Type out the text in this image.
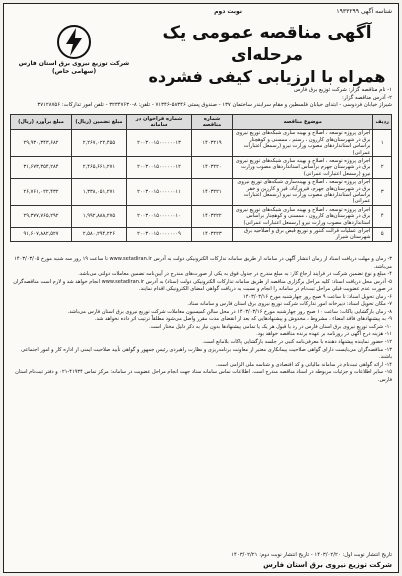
شناسه آگهی ۱۹۳۳۲۹۹
نوبت دوم
آگهی مناقصه عمومی یک مرحله‌ای
همراه با ارزیابی کیفی فشرده
شرکت توزیع نیروی برق استان فارس
(سهامی خاص)
۱- نام مناقصه گزار: شرکت توزیع برق فارس
۲- آدرس مناقصه گزار:
شیراز خیابان فردوسی - ابتدای خیابان فلسطین و مقام سرابندر ساختمان ۱۳۷ - صندوق پستی ۵۸۳۴۶-۷۱۳۴۶ - تلفن: ۸-۳۲۳۴۷۶۳۰ - تلفن امور تدارکات: ۳۷۱۲۸۷۵۶
ردیف	موضوع مناقصه	شماره مناقصه	شماره فراخوان در سامانه	مبلغ تضمین (ریال)	مبلغ برآورد (ریال)
۱	اجرای پروژه توسعه ، اصلاح و بهینه سازی شبکه‌های توزیع نیروی برق در شهرستان‌های کازرون ، رستم ، ممسنی و کوهچنار براساس استانداردهای مصوب وزارت نیرو (رسمعل اعتبارات عمرانی)	۱۴۰۳۲۱۹	۲۰۰۳۰۰۱۵۰۰۰۰۰۰۱۳	۲,۲۶۷,۰۲۲,۴۵۵	۲۹,۹۳۰,۳۴۳,۶۸۲
۲	اجرای پروژه توسعه ، اصلاح و بهینه سازی شبکه‌های توزیع نیروی برق در شهرستان جهرم براساس استانداردهای مصوب وزارت نیرو (رسمعل اعتبارات عمرانی)	۱۴۰۳۲۲۰	۲۰۰۳۰۰۱۵۰۰۰۰۰۰۱۲	۲,۴۶۵,۶۶۱,۲۷۱	۳۱,۶۷۳,۳۵۴,۲۸۴
۳	اجرای پروژه توسعه ، اصلاح و بهینه‌سازی شبکه‌های توزیع نیروی برق در شهرستان‌های جهرم، فیروزآباد، قیر و کارزین و خفر براساس استانداردهای مصوب وزارت نیرو (رسمعل اعتبارات عمرانی)	۱۴۰۳۲۲۱	۲۰۰۳۰۰۱۵۰۰۰۰۰۰۱۱	۱,۳۳۸,۰۵۱,۲۷۱	۲۶,۷۶۱,۰۲۲,۴۳۲
۴	اجرای پروژه توسعه ، اصلاح و بهینه سازی شبکه‌های توزیع نیروی برق در شهرستان‌های کازرون ، ممسنی و کوهچنار براساس استانداردهای مصوب وزارت نیرو (رسمعل اعتبارات عمرانی)	۱۴۰۳۲۲۲	۲۰۰۳۰۰۱۵۰۰۰۰۰۰۱۰	۱,۹۹۲,۸۸۸,۲۷۵	۲۹,۳۷۷,۷۶۵,۲۹۲
۵	اجرای عملیات قرائت کنتور و توزیع قبض برق و اصلاحیه برق شهرستان شیراز	۱۴۰۳۲۲۳	۲۰۰۳۰۰۱۵۰۰۰۰۰۰۰۹	۲,۵۸۰,۲۹۴,۲۲۶	۹۱,۶۰۷,۸۸۲,۵۲۷

۳- زمان و مهلت دریافت اسناد از زمان انتشار آگهی در سامانه از طریق سامانه تدارکات الکترونیکی دولت به آدرس www.setadiran.ir تا ساعت ۱۹ روز سه شنبه مورخ ۱۴۰۳/۰۳/۰۵ می‌باشد.

۴- مبلغ و نوع تضمین شرکت در فرایند ارجاع کار: به مبلغ مندرج در جدول فوق به یکی از صورت‌های مندرج در آیین‌نامه تضمین معاملات دولتی می‌باشد.

۵- آدرس محل دریافت اسناد: کلیه مراحل برگزاری مناقصه از طریق سامانه تدارکات الکترونیکی دولت (ستاد) به آدرس www.setadiran.ir انجام خواهد شد و لازم است مناقصه‌گران در صورت عدم عضویت قبلی مراحل ثبت‌نام در سامانه را انجام و نسبت به دریافت گواهی امضای الکترونیکی اقدام نمایند.

۶- زمان تحویل اسناد: تا ساعت ۹ صبح روز چهارشنبه مورخ ۱۴۰۳/۰۳/۱۶

۷- مکان تحویل اسناد: دبیرخانه امور تدارکات شرکت توزیع نیروی برق استان فارس و سامانه ستاد.

۸- زمان بازگشایی پاکات: ساعت ۱۰ صبح روز چهارشنبه مورخ ۱۴۰۳/۰۳/۱۶ در محل سالن کمیسیون معاملات شرکت توزیع نیروی برق استان فارس می‌باشد.

۹- به پیشنهادهای فاقد امضاء ، مشروط ، مخدوش و پیشنهادهایی که بعد از انقضای مدت مقرر واصل می‌شود مطلقاً ترتیب اثر داده نخواهد شد.

۱۰- شرکت توزیع نیروی برق استان فارس در رد یا قبول هر یک یا تمامی پیشنهادها بدون نیاز به ذکر دلیل مختار است.

۱۱- هزینه درج آگهی در روزنامه بر عهده برنده مناقصه خواهد بود.

۱۲- حضور نماینده پیشنهاد دهنده با معرفی‌نامه کتبی در جلسه بازگشایی پاکات بلامانع است.

۱۳- مناقصه‌گران می‌بایست دارای گواهی صلاحیت پیمانکاری معتبر از معاونت برنامه‌ریزی و نظارت راهبردی رئیس جمهور و گواهی تأیید صلاحیت ایمنی از اداره کار و امور اجتماعی باشند.

۱۴- ارائه گواهی ثبت‌نام در سامانه مالیاتی و کد اقتصادی و شناسه ملی الزامی است.

۱۵- سایر اطلاعات و جزئیات مربوطه در اسناد مناقصه مندرج است. اطلاعات تماس سامانه ستاد جهت انجام مراحل عضویت در سامانه: مرکز تماس ۴۱۹۳۴-۰۲۱ و دفتر ثبت‌نام استان فارس.

تاریخ انتشار نوبت اول: ۱۴۰۳/۰۲/۲۰ - تاریخ انتشار نوبت دوم: ۱۴۰۳/۰۲/۲۱
شرکت توزیع نیروی برق استان فارس
